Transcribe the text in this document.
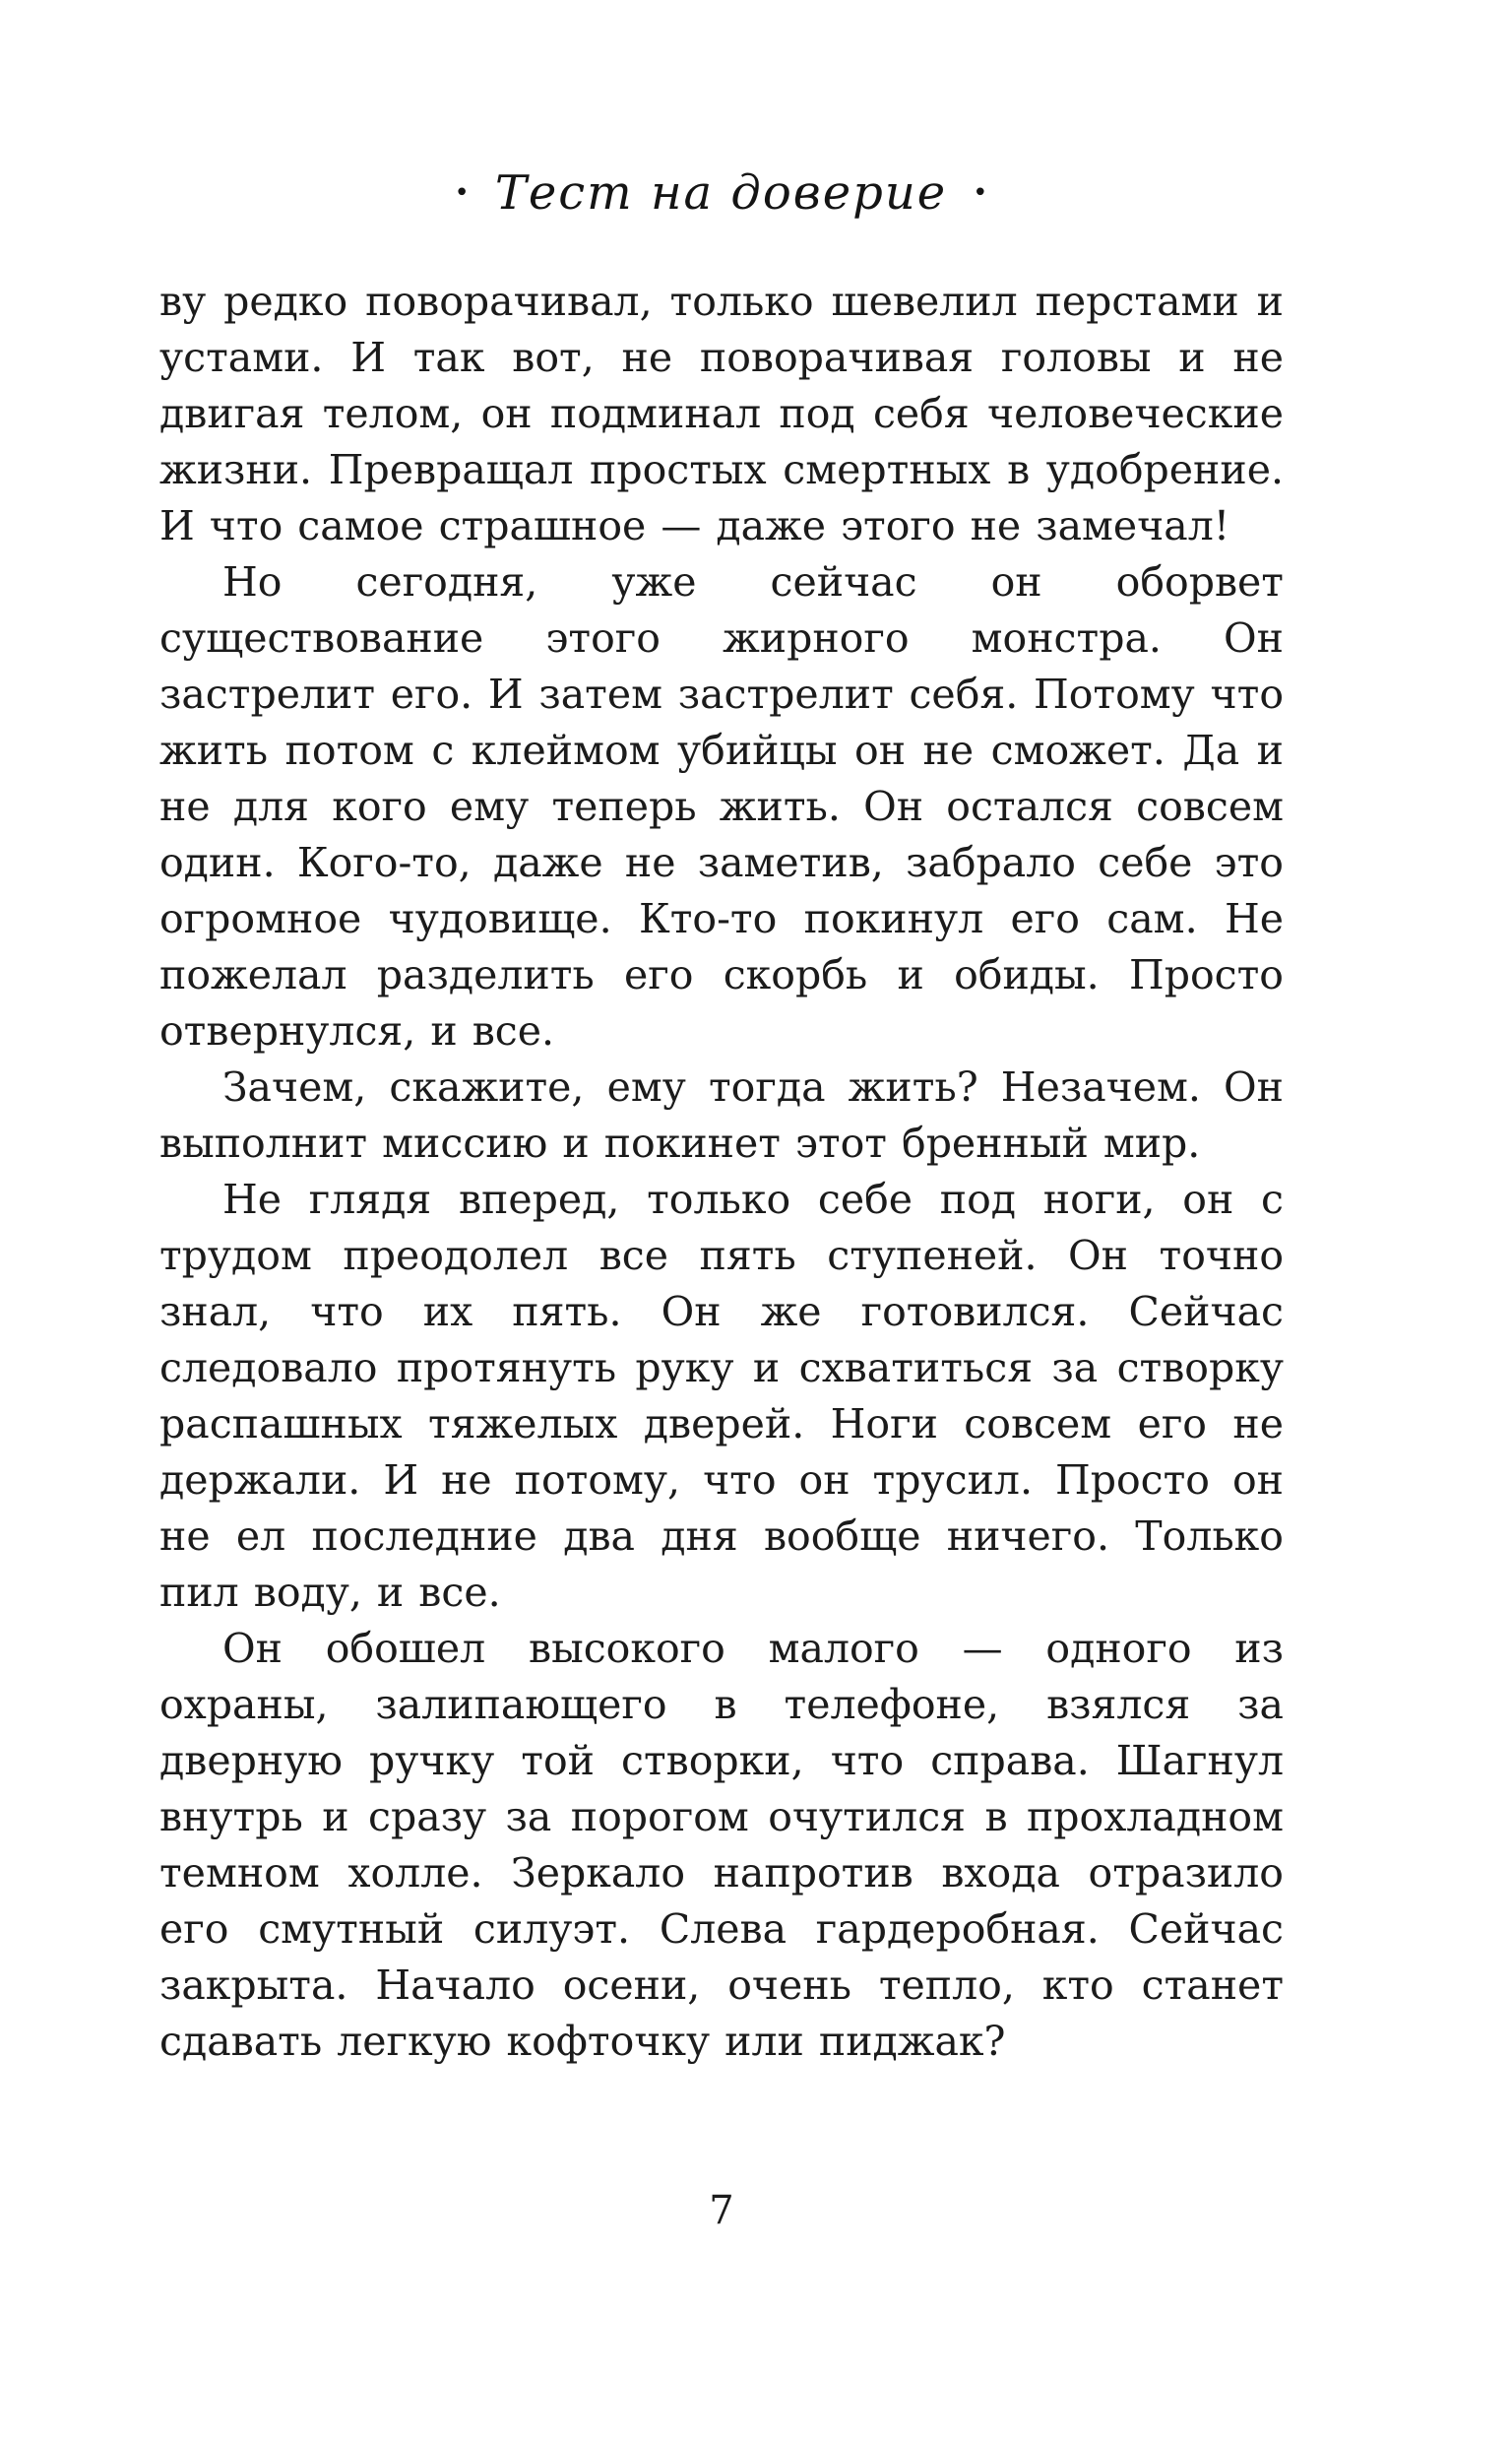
• Тест на доверие •

ву редко поворачивал, только шевелил перстами и устами. И так вот, не поворачивая головы и не двигая телом, он подминал под себя человеческие жизни. Превращал простых смертных в удобрение. И что самое страшное — даже этого не замечал!

Но сегодня, уже сейчас он оборвет существование этого жирного монстра. Он застрелит его. И затем застрелит себя. Потому что жить потом с клеймом убийцы он не сможет. Да и не для кого ему теперь жить. Он остался совсем один. Кого-то, даже не заметив, забрало себе это огромное чудовище. Кто-то покинул его сам. Не пожелал разделить его скорбь и обиды. Просто отвернулся, и все.

Зачем, скажите, ему тогда жить? Незачем. Он выполнит миссию и покинет этот бренный мир.

Не глядя вперед, только себе под ноги, он с трудом преодолел все пять ступеней. Он точно знал, что их пять. Он же готовился. Сейчас следовало протянуть руку и схватиться за створку распашных тяжелых дверей. Ноги совсем его не держали. И не потому, что он трусил. Просто он не ел последние два дня вообще ничего. Только пил воду, и все.

Он обошел высокого малого — одного из охраны, залипающего в телефоне, взялся за дверную ручку той створки, что справа. Шагнул внутрь и сразу за порогом очутился в прохладном темном холле. Зеркало напротив входа отразило его смутный силуэт. Слева гардеробная. Сейчас закрыта. Начало осени, очень тепло, кто станет сдавать легкую кофточку или пиджак?

7
